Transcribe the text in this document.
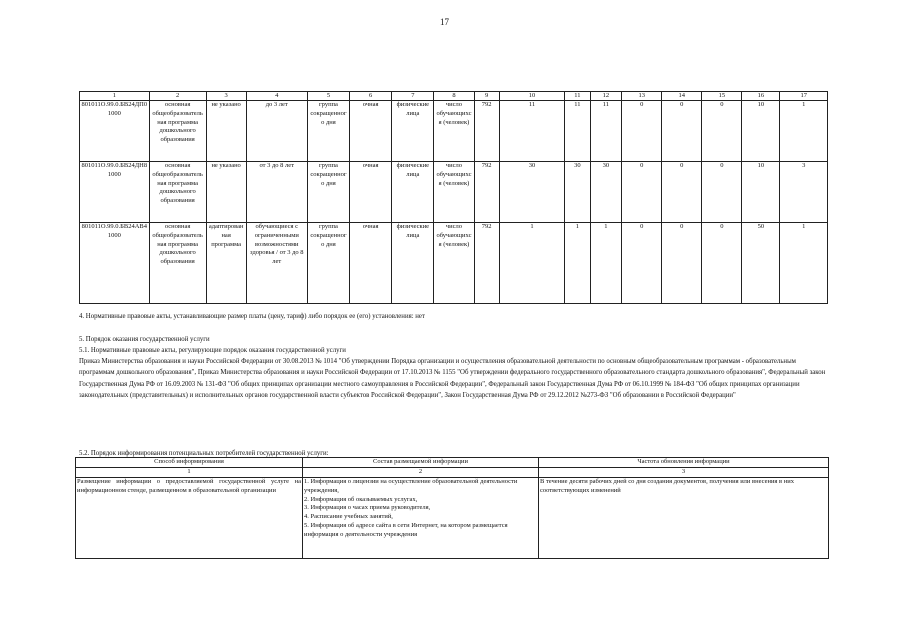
17
1	2	3	4	5	6	7	8	9	10	11	12	13	14	15	16	17
801011О.99.0.БВ24ДП01000	основная общеобразовательная программа дошкольного образования	не указано	до 3 лет	группа сокращенного дня	очная	физические лица	число обучающихся (человек)	792	11	11	11	0	0	0	10	1
801011О.99.0.БВ24ДН81000	основная общеобразовательная программа дошкольного образования	не указано	от 3 до 8 лет	группа сокращенного дня	очная	физические лица	число обучающихся (человек)	792	30	30	30	0	0	0	10	3
801011О.99.0.БВ24АВ41000	основная общеобразовательная программа дошкольного образования	адаптированная программа	обучающиеся с ограниченными возможностями здоровья / от 3 до 8 лет	группа сокращенного дня	очная	физические лица	число обучающихся (человек)	792	1	1	1	0	0	0	50	1
4. Нормативные правовые акты, устанавливающие размер платы (цену, тариф) либо порядок ее (его) установления: нет
5. Порядок оказания государственной услуги
5.1. Нормативные правовые акты, регулирующие порядок оказания государственной услуги
Приказ Министерства образования и науки Российской Федерации от 30.08.2013 № 1014 "Об утверждении Порядка организации и осуществления образовательной деятельности по основным общеобразовательным программам - образовательным программам дошкольного образования", Приказ Министерства образования и науки Российской Федерации от 17.10.2013 № 1155 "Об утверждении федерального государственного образовательного стандарта дошкольного образования", Федеральный закон Государственная Дума РФ от 16.09.2003 № 131-ФЗ "Об общих принципах организации местного самоуправления в Российской Федерации", Федеральный закон Государственная Дума РФ от 06.10.1999 № 184-ФЗ "Об общих принципах организации законодательных (представительных) и исполнительных органов государственной власти субъектов Российской Федерации", Закон Государственная Дума РФ от 29.12.2012 №273-ФЗ "Об образовании в Российской Федерации"
5.2. Порядок информирования потенциальных потребителей государственной услуги:
Способ информирования	Состав размещаемой информации	Частота обновления информации
1	2	3
Размещение информации о предоставляемой государственной услуге на информационном стенде, размещенном в образовательной организации	1. Информация о лицензии на осуществление образовательной деятельности учреждения,
2. Информация об оказываемых услугах,
3. Информация о часах приема руководителя,
4. Расписание учебных занятий,
5. Информация об адресе сайта в сети Интернет, на котором размещается информация о деятельности учреждения	В течение десяти рабочих дней со дня создания документов, получения или внесения в них соответствующих изменений
